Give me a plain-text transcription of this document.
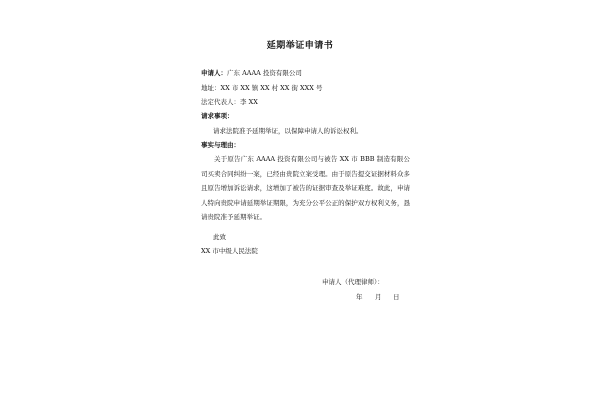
延期举证申请书
申请人：广东 AAAA 投资有限公司
地址：XX 市 XX 镇 XX 村 XX 街 XXX 号
法定代表人：李 XX
请求事项：
请求法院准予延期举证，以保障申请人的诉讼权利。
事实与理由：
关于原告广东 AAAA 投资有限公司与被告 XX 市 BBB 制造有限公司买卖合同纠纷一案，已经由贵院立案受理。由于原告提交证据材料众多且原告增加诉讼请求，这增加了被告的证据审查及举证难度。故此，申请人特向贵院申请延期举证期限，为充分公平公正的保护双方权利义务，恳请贵院准予延期举证。
此致
XX 市中级人民法院
申请人（代理律师）：
年 月 日
